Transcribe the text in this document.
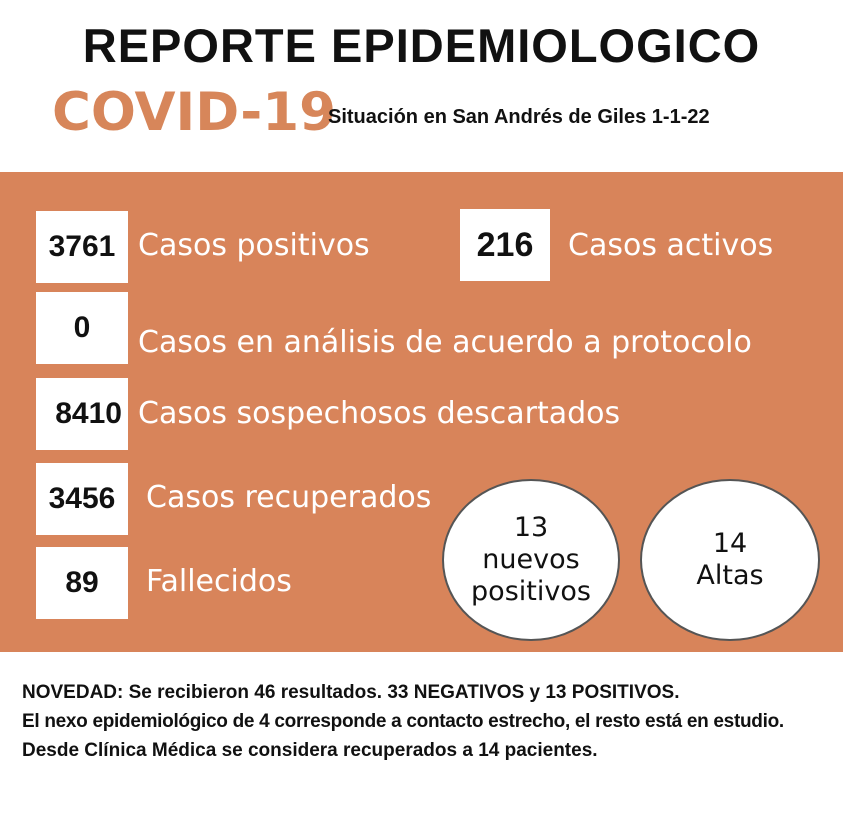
REPORTE EPIDEMIOLOGICO
COVID-19
Situación en San Andrés de Giles 1-1-22
3761 Casos positivos	216	Casos activos
0	Casos en análisis de acuerdo a protocolo
8410 Casos sospechosos descartados
3456	Casos recuperados
89	Fallecidos
13
nuevos
positivos
14
Altas
NOVEDAD: Se recibieron 46 resultados. 33 NEGATIVOS y 13 POSITIVOS.
El nexo epidemiológico de 4 corresponde a contacto estrecho, el resto está en estudio.
Desde Clínica Médica se considera recuperados a 14 pacientes.
